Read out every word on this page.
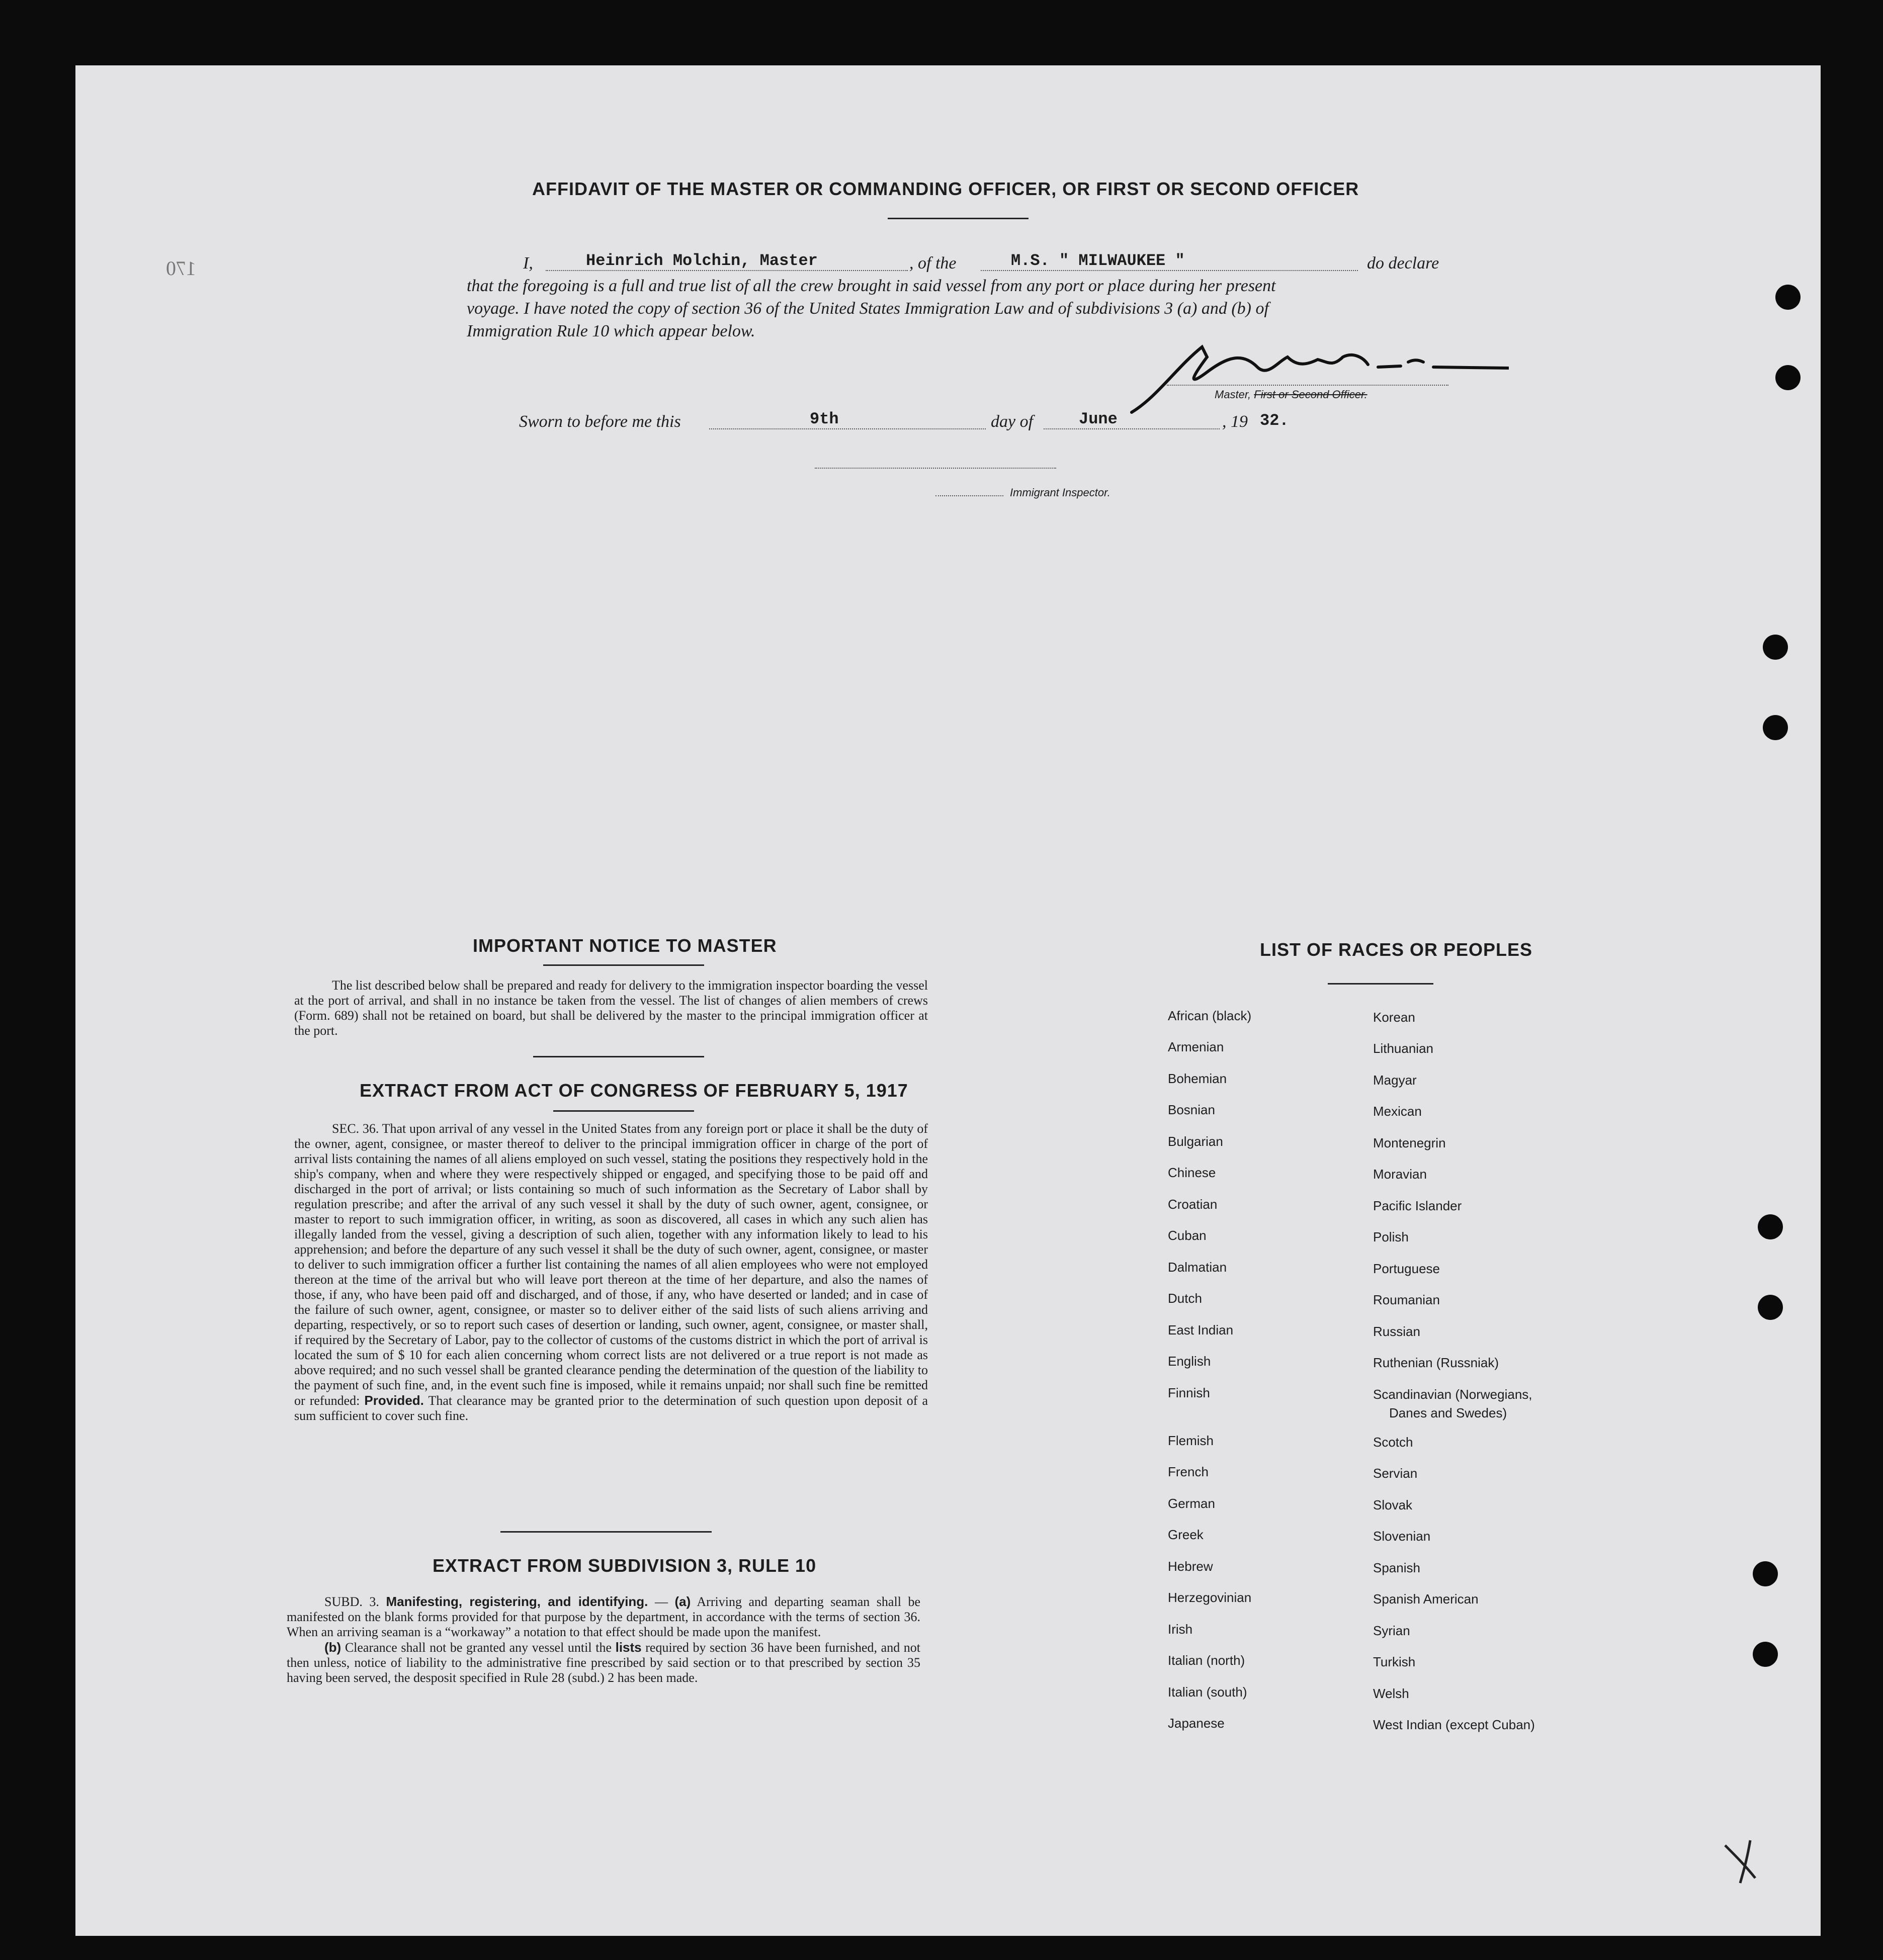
170
AFFIDAVIT OF THE MASTER OR COMMANDING OFFICER, OR FIRST OR SECOND OFFICER
I,	Heinrich Molchin, Master	, of the	M.S. " MILWAUKEE "	do declare
that the foregoing is a full and true list of all the crew brought in said vessel from any port or place during her present
voyage. I have noted the copy of section 36 of the United States Immigration Law and of subdivisions 3 (a) and (b) of
Immigration Rule 10 which appear below.
Master, First or Second Officer.
Sworn to before me this	9th	day of	June	, 19 32.
Immigrant Inspector.
IMPORTANT NOTICE TO MASTER
The list described below shall be prepared and ready for delivery to the immigration inspector boarding the vessel at the port of arrival, and shall in no instance be taken from the vessel. The list of changes of alien members of crews (Form. 689) shall not be retained on board, but shall be delivered by the master to the principal immigration officer at the port.
EXTRACT FROM ACT OF CONGRESS OF FEBRUARY 5, 1917
SEC. 36. That upon arrival of any vessel in the United States from any foreign port or place it shall be the duty of the owner, agent, consignee, or master thereof to deliver to the principal immigration officer in charge of the port of arrival lists containing the names of all aliens employed on such vessel, stating the positions they respectively hold in the ship's company, when and where they were respectively shipped or engaged, and specifying those to be paid off and discharged in the port of arrival; or lists containing so much of such information as the Secretary of Labor shall by regulation prescribe; and after the arrival of any such vessel it shall by the duty of such owner, agent, consignee, or master to report to such immigration officer, in writing, as soon as discovered, all cases in which any such alien has illegally landed from the vessel, giving a description of such alien, together with any information likely to lead to his apprehension; and before the departure of any such vessel it shall be the duty of such owner, agent, consignee, or master to deliver to such immigration officer a further list containing the names of all alien employees who were not employed thereon at the time of the arrival but who will leave port thereon at the time of her departure, and also the names of those, if any, who have been paid off and discharged, and of those, if any, who have deserted or landed; and in case of the failure of such owner, agent, consignee, or master so to deliver either of the said lists of such aliens arriving and departing, respectively, or so to report such cases of desertion or landing, such owner, agent, consignee, or master shall, if required by the Secretary of Labor, pay to the collector of customs of the customs district in which the port of arrival is located the sum of $ 10 for each alien concerning whom correct lists are not delivered or a true report is not made as above required; and no such vessel shall be granted clearance pending the determination of the question of the liability to the payment of such fine, and, in the event such fine is imposed, while it remains unpaid; nor shall such fine be remitted or refunded: Provided. That clearance may be granted prior to the determination of such question upon deposit of a sum sufficient to cover such fine.
EXTRACT FROM SUBDIVISION 3, RULE 10
SUBD. 3. Manifesting, registering, and identifying. — (a) Arriving and departing seaman shall be manifested on the blank forms provided for that purpose by the department, in accordance with the terms of section 36. When an arriving seaman is a “workaway” a notation to that effect should be made upon the manifest.
(b) Clearance shall not be granted any vessel until the lists required by section 36 have been furnished, and not then unless, notice of liability to the administrative fine prescribed by said section or to that prescribed by section 35 having been served, the desposit specified in Rule 28 (subd.) 2 has been made.
LIST OF RACES OR PEOPLES
African (black)
Armenian
Bohemian
Bosnian
Bulgarian
Chinese
Croatian
Cuban
Dalmatian
Dutch
East Indian
English
Finnish
Flemish
French
German
Greek
Hebrew
Herzegovinian
Irish
Italian (north)
Italian (south)
Japanese
Korean
Lithuanian
Magyar
Mexican
Montenegrin
Moravian
Pacific Islander
Polish
Portuguese
Roumanian
Russian
Ruthenian (Russniak)
Scandinavian (Norwegians,
Danes and Swedes)
Scotch
Servian
Slovak
Slovenian
Spanish
Spanish American
Syrian
Turkish
Welsh
West Indian (except Cuban)
